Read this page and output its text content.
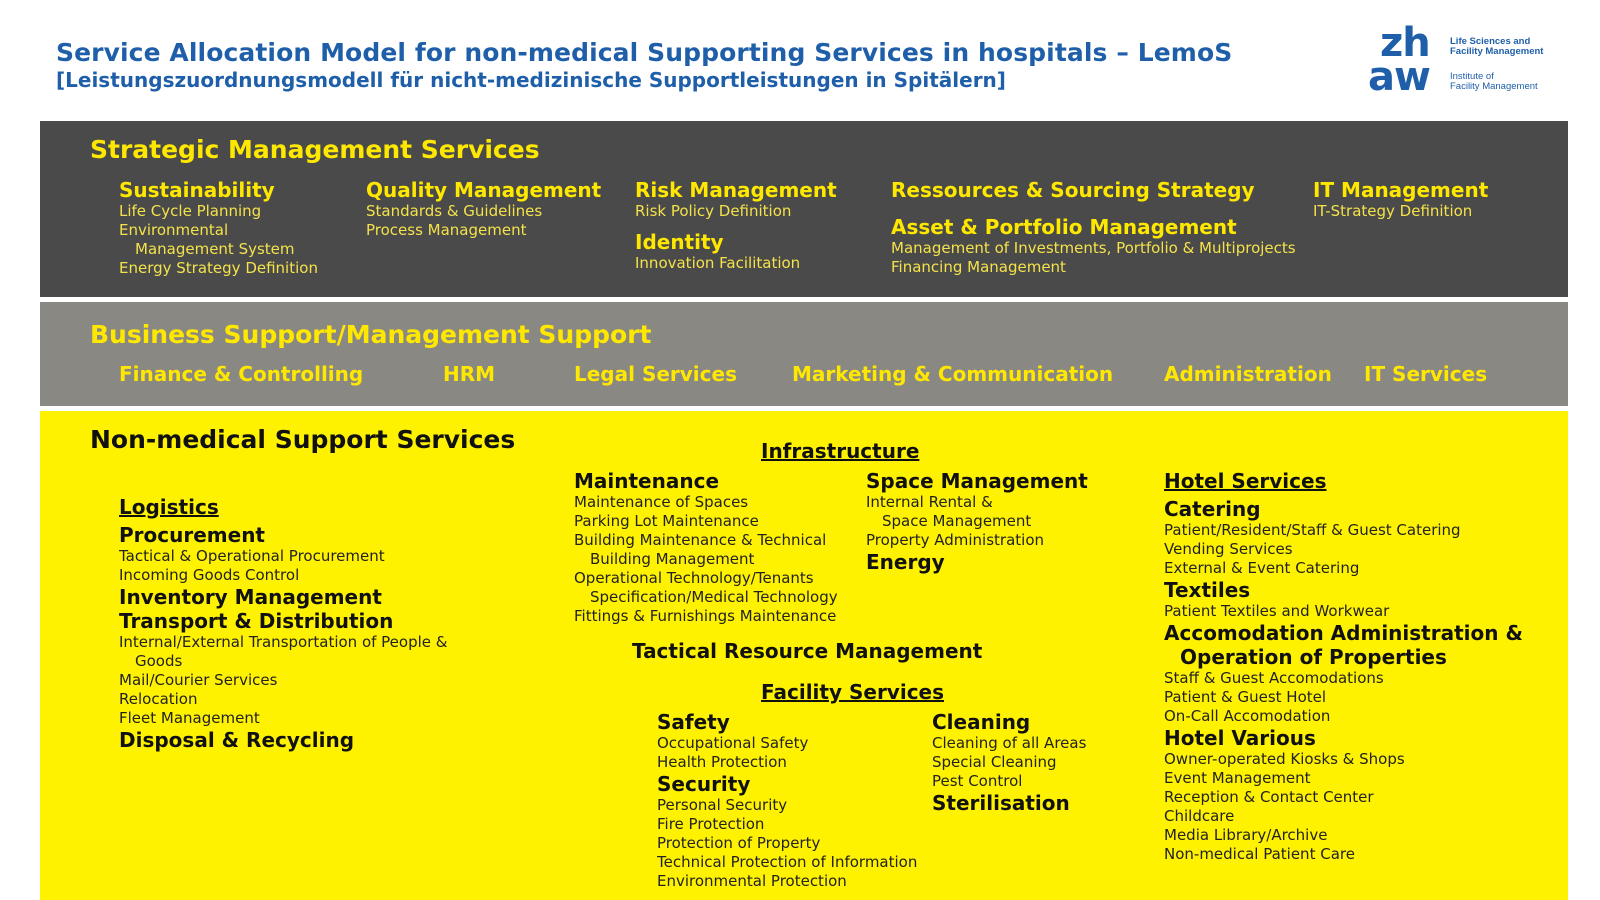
Service Allocation Model for non-medical Supporting Services in hospitals – LemoS
[Leistungszuordnungsmodell für nicht-medizinische Supportleistungen in Spitälern]
zh
aw
Life Sciences and
Facility Management
Institute of
Facility Management
Strategic Management Services
Sustainability
Life Cycle Planning
Environmental
Management System
Energy Strategy Definition
Quality Management
Standards & Guidelines
Process Management
Risk Management
Risk Policy Definition
Identity
Innovation Facilitation
Ressources & Sourcing Strategy
Asset & Portfolio Management
Management of Investments, Portfolio & Multiprojects
Financing Management
IT Management
IT-Strategy Definition
Business Support/Management Support
Finance & Controlling	HRM	Legal Services	Marketing & Communication	Administration IT Services
Non-medical Support Services
Logistics
Procurement
Tactical & Operational Procurement
Incoming Goods Control
Inventory Management
Transport & Distribution
Internal/External Transportation of People &
Goods
Mail/Courier Services
Relocation
Fleet Management
Disposal & Recycling
Infrastructure
Maintenance
Maintenance of Spaces
Parking Lot Maintenance
Building Maintenance & Technical
Building Management
Operational Technology/Tenants
Specification/Medical Technology
Fittings & Furnishings Maintenance
Space Management
Internal Rental &
Space Management
Property Administration
Energy
Tactical Resource Management
Facility Services
Safety
Occupational Safety
Health Protection
Security
Personal Security
Fire Protection
Protection of Property
Technical Protection of Information
Environmental Protection
Cleaning
Cleaning of all Areas
Special Cleaning
Pest Control
Sterilisation
Hotel Services
Catering
Patient/Resident/Staff & Guest Catering
Vending Services
External & Event Catering
Textiles
Patient Textiles and Workwear
Accomodation Administration &
Operation of Properties
Staff & Guest Accomodations
Patient & Guest Hotel
On-Call Accomodation
Hotel Various
Owner-operated Kiosks & Shops
Event Management
Reception & Contact Center
Childcare
Media Library/Archive
Non-medical Patient Care
